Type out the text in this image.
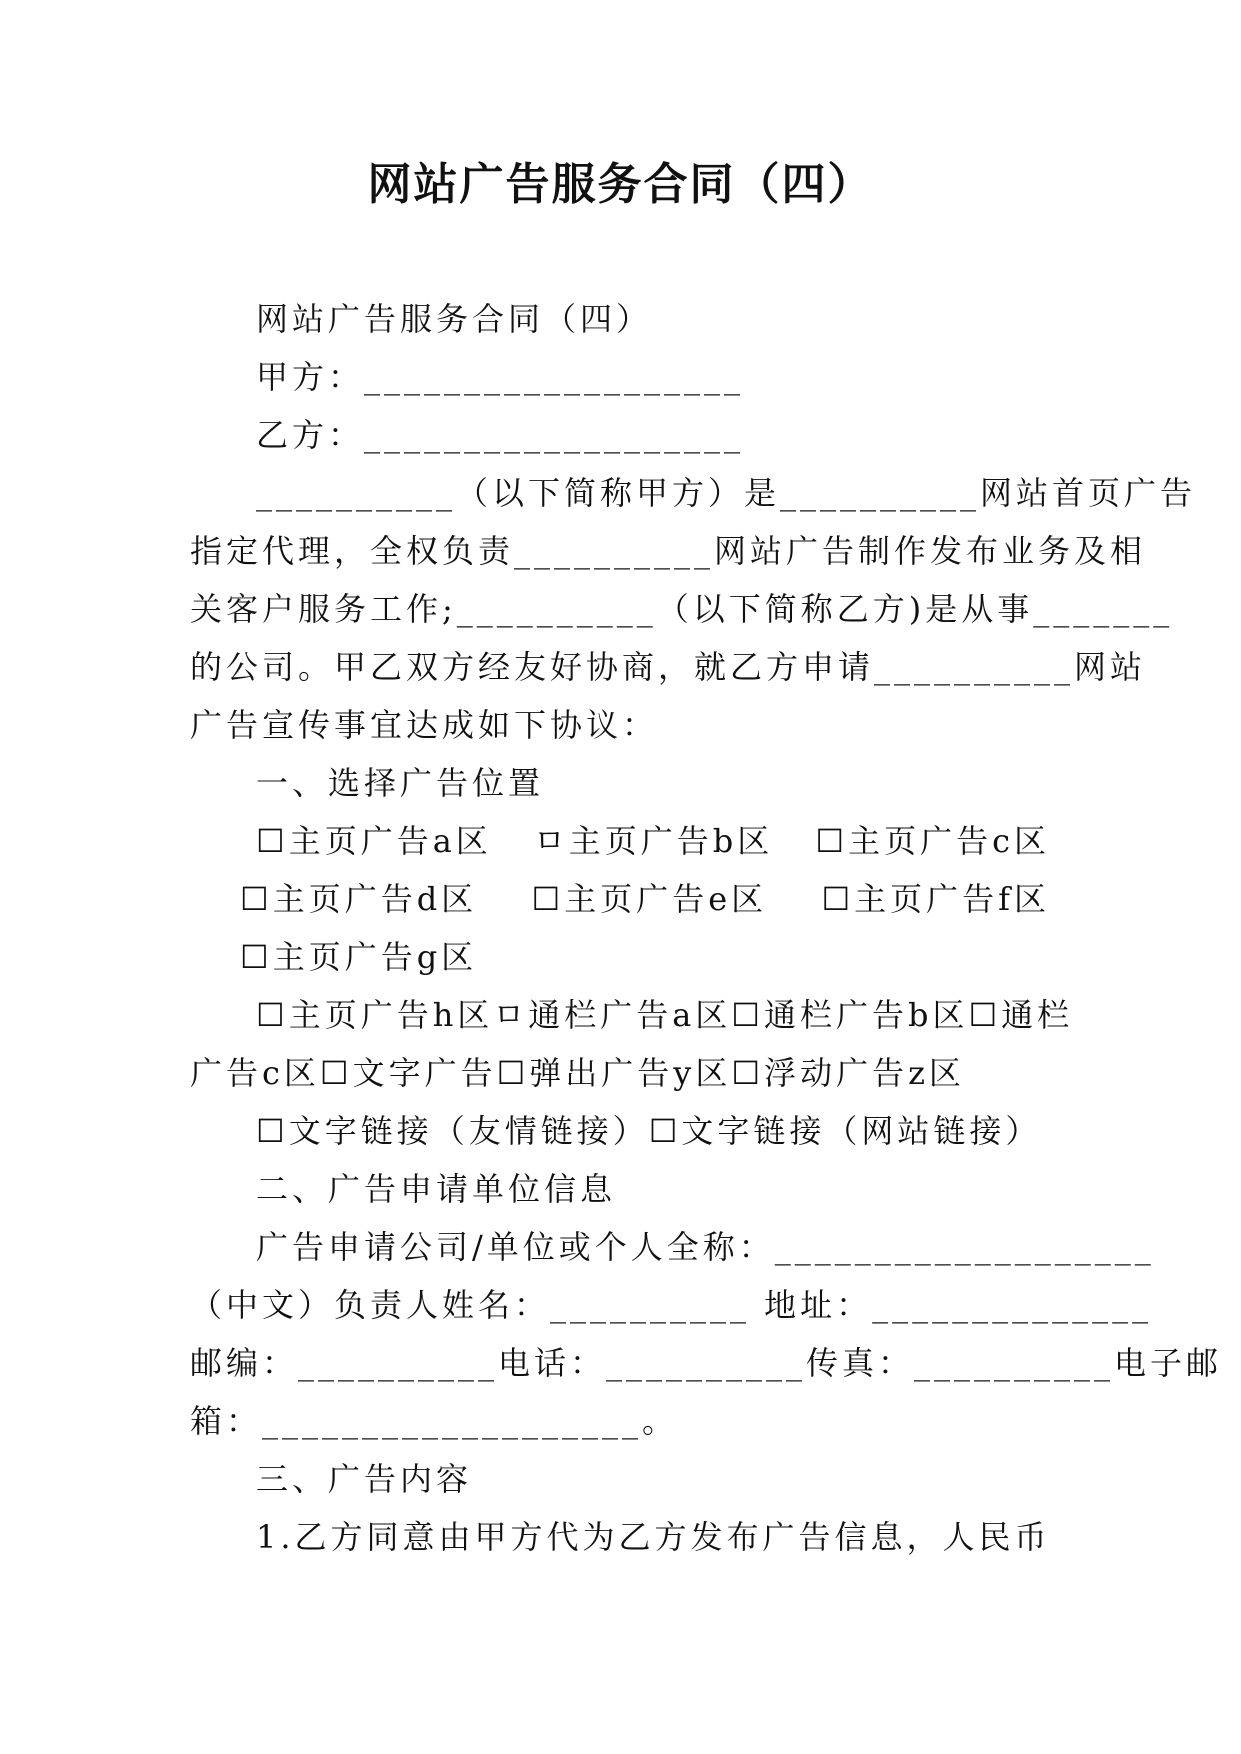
网站广告服务合同（四）
网站广告服务合同（四）
甲方：___________________
乙方：___________________
__________（以下简称甲方）是__________网站首页广告
指定代理，全权负责__________网站广告制作发布业务及相
关客户服务工作;__________（以下简称乙方)是从事_______
的公司。甲乙双方经友好协商，就乙方申请__________网站
广告宣传事宜达成如下协议：
一、选择广告位置
☐主页广告a区 ㅁ主页广告b区 ☐主页广告c区
☐主页广告d区 ☐主页广告e区 ☐主页广告f区
☐主页广告g区
☐主页广告h区ㅁ通栏广告a区☐通栏广告b区☐通栏
广告c区☐文字广告☐弹出广告y区☐浮动广告z区
☐文字链接（友情链接）☐文字链接（网站链接）
二、广告申请单位信息
广告申请公司/单位或个人全称：___________________
（中文）负责人姓名：__________ 地址：______________
邮编：__________电话：__________传真：__________电子邮
箱：___________________。
三、广告内容
1.乙方同意由甲方代为乙方发布广告信息，人民币
